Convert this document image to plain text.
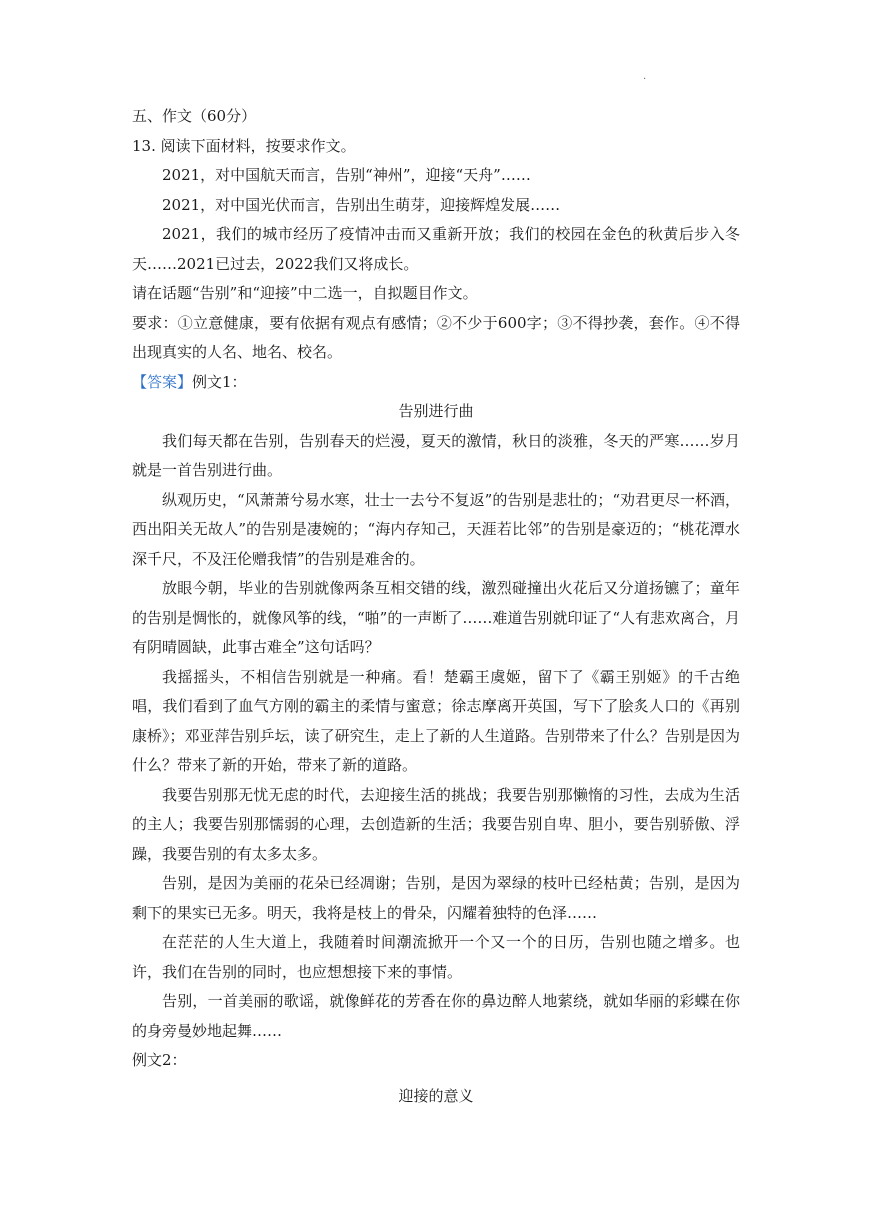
·
五、作文（60分）
13. 阅读下面材料，按要求作文。
2021，对中国航天而言，告别“神州”，迎接“天舟”……
2021，对中国光伏而言，告别出生萌芽，迎接辉煌发展……
2021，我们的城市经历了疫情冲击而又重新开放；我们的校园在金色的秋黄后步入冬天……2021已过去，2022我们又将成长。
请在话题“告别”和“迎接”中二选一，自拟题目作文。
要求：①立意健康，要有依据有观点有感情；②不少于600字；③不得抄袭，套作。④不得出现真实的人名、地名、校名。
【答案】例文1：
告别进行曲
我们每天都在告别，告别春天的烂漫，夏天的激情，秋日的淡雅，冬天的严寒……岁月就是一首告别进行曲。
纵观历史，“风萧萧兮易水寒，壮士一去兮不复返”的告别是悲壮的；“劝君更尽一杯酒，西出阳关无故人”的告别是凄婉的；“海内存知己，天涯若比邻”的告别是豪迈的；“桃花潭水深千尺，不及汪伦赠我情”的告别是难舍的。
放眼今朝，毕业的告别就像两条互相交错的线，激烈碰撞出火花后又分道扬镳了；童年的告别是惆怅的，就像风筝的线，“啪”的一声断了……难道告别就印证了“人有悲欢离合，月有阴晴圆缺，此事古难全”这句话吗？
我摇摇头，不相信告别就是一种痛。看！楚霸王虞姬，留下了《霸王别姬》的千古绝唱，我们看到了血气方刚的霸主的柔情与蜜意；徐志摩离开英国，写下了脍炙人口的《再别康桥》；邓亚萍告别乒坛，读了研究生，走上了新的人生道路。告别带来了什么？告别是因为什么？带来了新的开始，带来了新的道路。
我要告别那无忧无虑的时代，去迎接生活的挑战；我要告别那懒惰的习性，去成为生活的主人；我要告别那懦弱的心理，去创造新的生活；我要告别自卑、胆小，要告别骄傲、浮躁，我要告别的有太多太多。
告别，是因为美丽的花朵已经凋谢；告别，是因为翠绿的枝叶已经枯黄；告别，是因为剩下的果实已无多。明天，我将是枝上的骨朵，闪耀着独特的色泽……
在茫茫的人生大道上，我随着时间潮流掀开一个又一个的日历，告别也随之增多。也许，我们在告别的同时，也应想想接下来的事情。
告别，一首美丽的歌谣，就像鲜花的芳香在你的鼻边醉人地萦绕，就如华丽的彩蝶在你的身旁曼妙地起舞……
例文2：
迎接的意义
